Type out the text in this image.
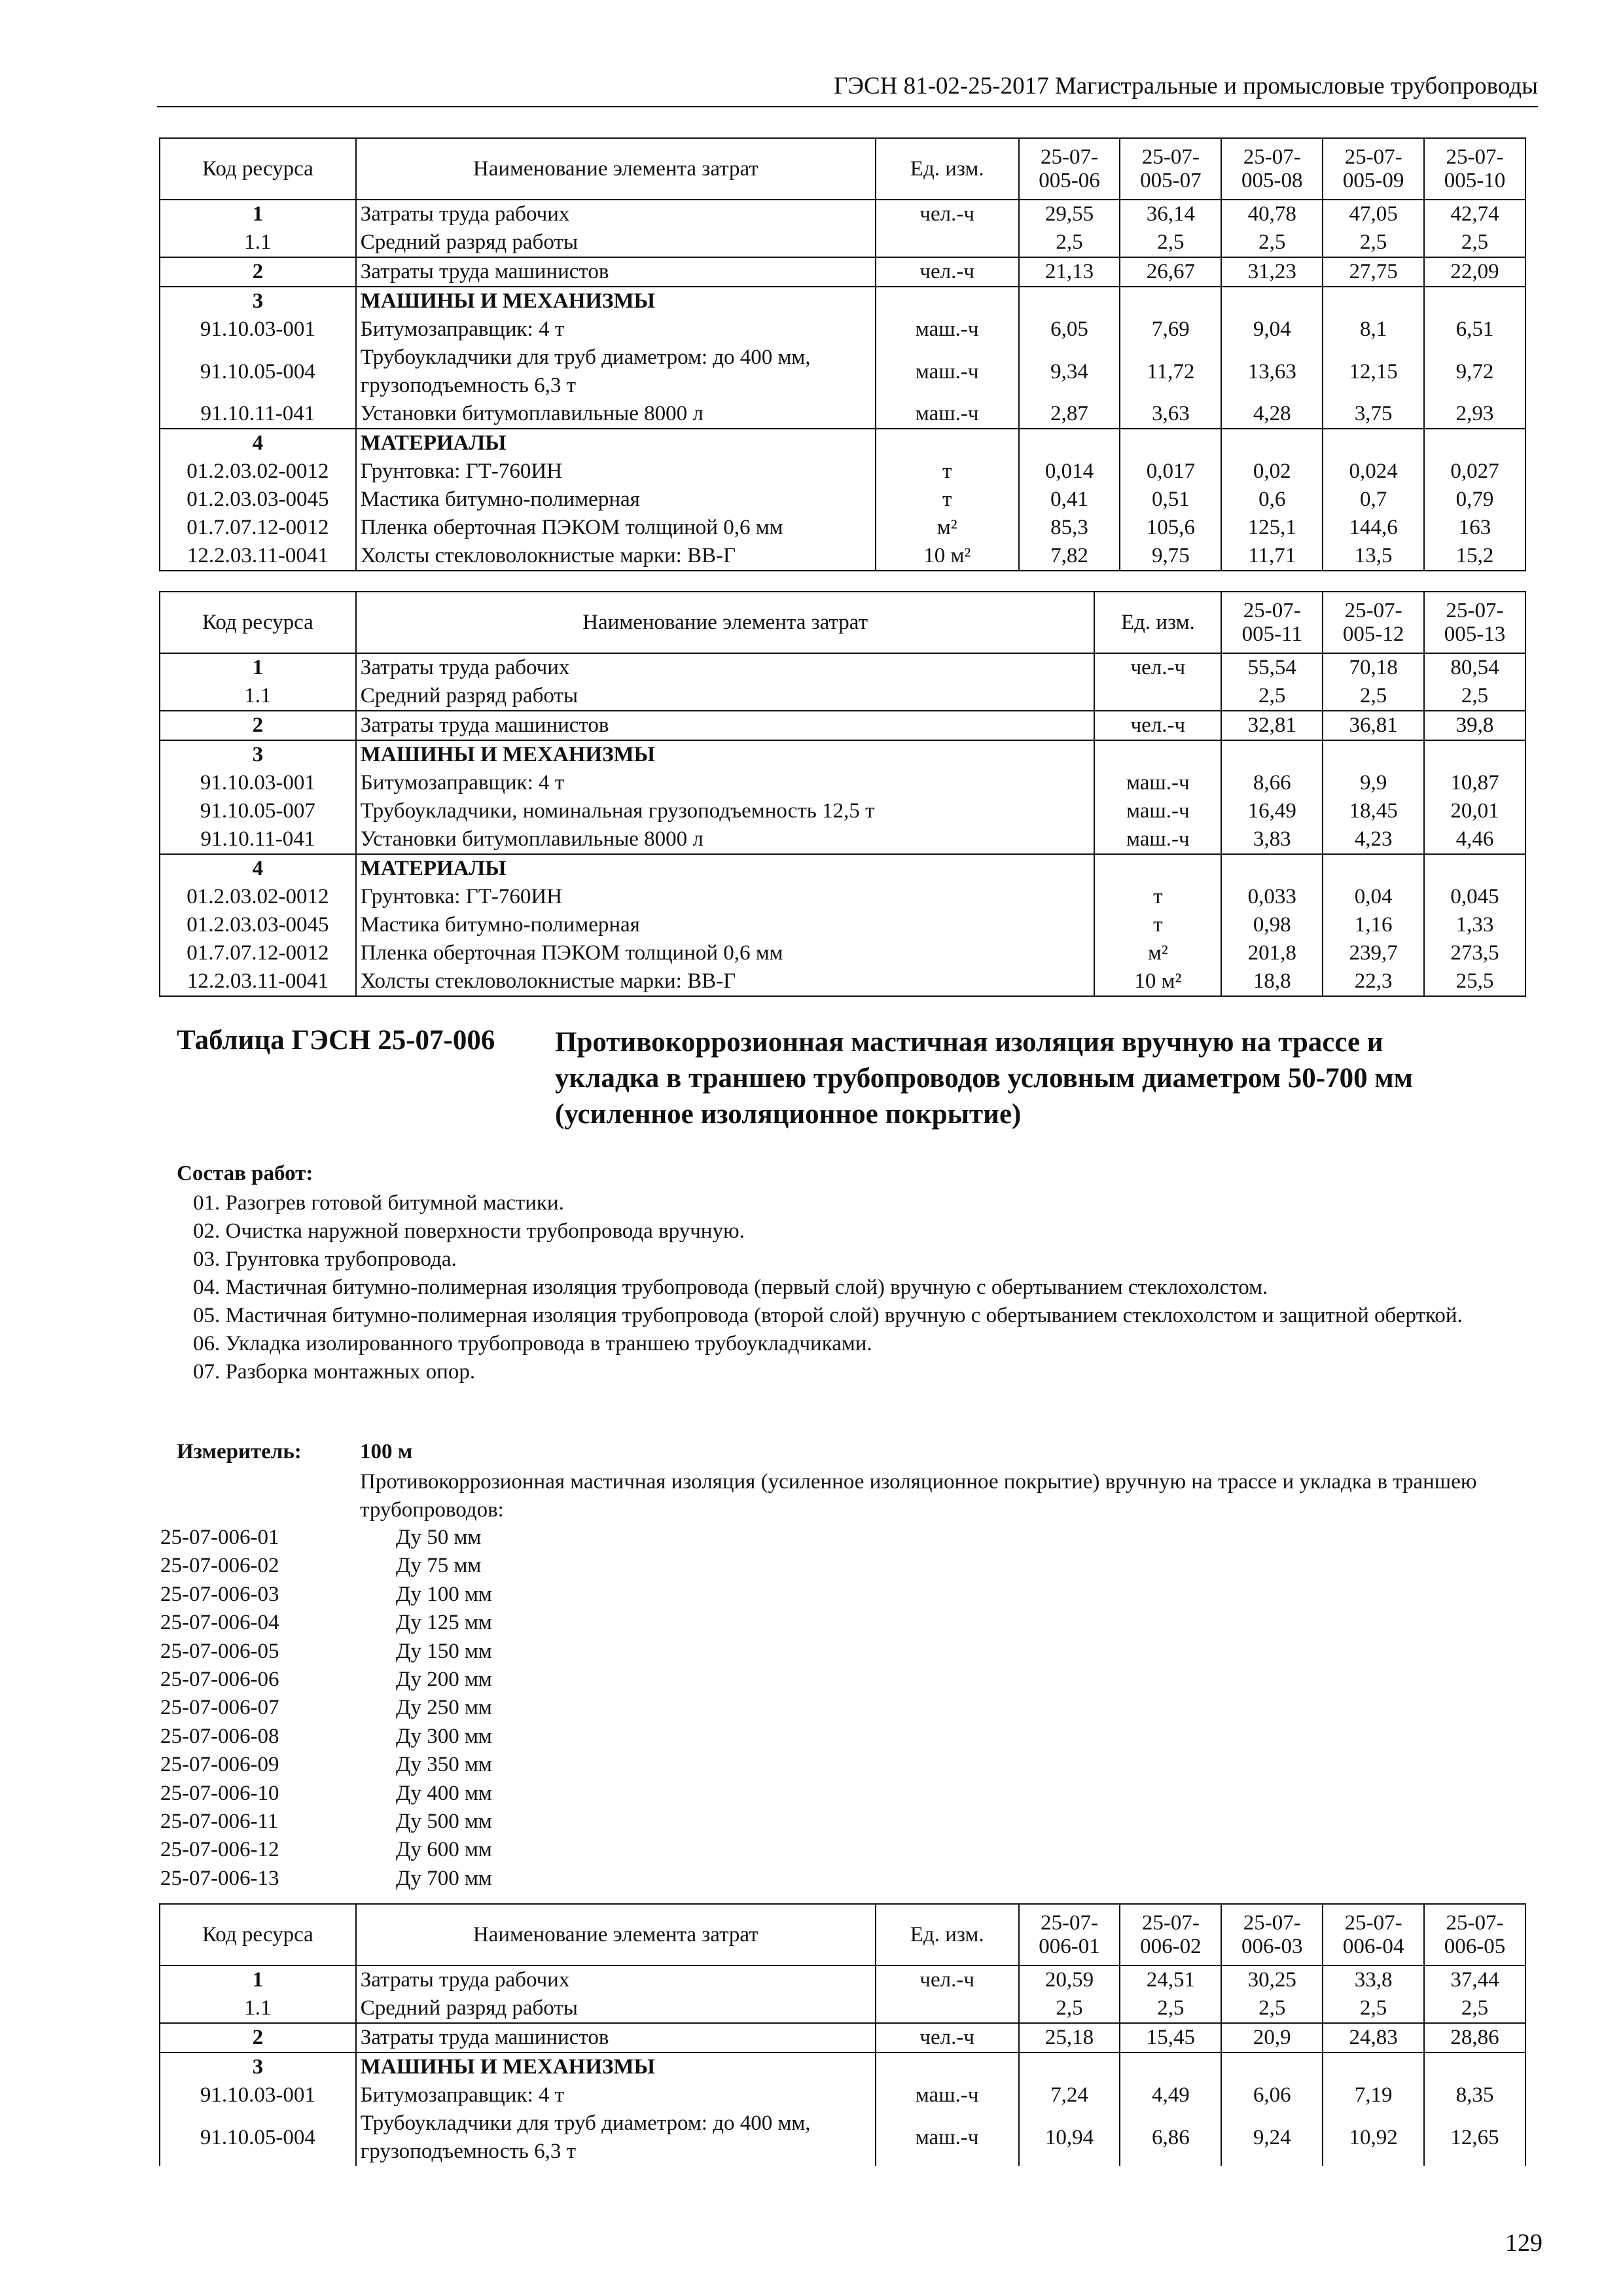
ГЭСН 81-02-25-2017 Магистральные и промысловые трубопроводы
Код ресурса	Наименование элемента затрат	Ед. изм.	25-07-005-06	25-07-005-07	25-07-005-08	25-07-005-09	25-07-005-10
1	Затраты труда рабочих	чел.-ч	29,55	36,14	40,78	47,05	42,74
1.1	Средний разряд работы		2,5	2,5	2,5	2,5	2,5
2	Затраты труда машинистов	чел.-ч	21,13	26,67	31,23	27,75	22,09
3	МАШИНЫ И МЕХАНИЗМЫ						
91.10.03-001	Битумозаправщик: 4 т	маш.-ч	6,05	7,69	9,04	8,1	6,51
91.10.05-004	Трубоукладчики для труб диаметром: до 400 мм, грузоподъемность 6,3 т	маш.-ч	9,34	11,72	13,63	12,15	9,72
91.10.11-041	Установки битумоплавильные 8000 л	маш.-ч	2,87	3,63	4,28	3,75	2,93
4	МАТЕРИАЛЫ						
01.2.03.02-0012	Грунтовка: ГТ-760ИН	т	0,014	0,017	0,02	0,024	0,027
01.2.03.03-0045	Мастика битумно-полимерная	т	0,41	0,51	0,6	0,7	0,79
01.7.07.12-0012	Пленка оберточная ПЭКОМ толщиной 0,6 мм	м²	85,3	105,6	125,1	144,6	163
12.2.03.11-0041	Холсты стекловолокнистые марки: ВВ-Г	10 м²	7,82	9,75	11,71	13,5	15,2
Код ресурса	Наименование элемента затрат	Ед. изм.	25-07-005-11	25-07-005-12	25-07-005-13
1	Затраты труда рабочих	чел.-ч	55,54	70,18	80,54
1.1	Средний разряд работы		2,5	2,5	2,5
2	Затраты труда машинистов	чел.-ч	32,81	36,81	39,8
3	МАШИНЫ И МЕХАНИЗМЫ				
91.10.03-001	Битумозаправщик: 4 т	маш.-ч	8,66	9,9	10,87
91.10.05-007	Трубоукладчики, номинальная грузоподъемность 12,5 т	маш.-ч	16,49	18,45	20,01
91.10.11-041	Установки битумоплавильные 8000 л	маш.-ч	3,83	4,23	4,46
4	МАТЕРИАЛЫ				
01.2.03.02-0012	Грунтовка: ГТ-760ИН	т	0,033	0,04	0,045
01.2.03.03-0045	Мастика битумно-полимерная	т	0,98	1,16	1,33
01.7.07.12-0012	Пленка оберточная ПЭКОМ толщиной 0,6 мм	м²	201,8	239,7	273,5
12.2.03.11-0041	Холсты стекловолокнистые марки: ВВ-Г	10 м²	18,8	22,3	25,5
Таблица ГЭСН 25-07-006 Противокоррозионная мастичная изоляция вручную на трассе и укладка в траншею трубопроводов условным диаметром 50-700 мм (усиленное изоляционное покрытие)
Состав работ:
01. Разогрев готовой битумной мастики.
02. Очистка наружной поверхности трубопровода вручную.
03. Грунтовка трубопровода.
04. Мастичная битумно-полимерная изоляция трубопровода (первый слой) вручную с обертыванием стеклохолстом.
05. Мастичная битумно-полимерная изоляция трубопровода (второй слой) вручную с обертыванием стеклохолстом и защитной оберткой.
06. Укладка изолированного трубопровода в траншею трубоукладчиками.
07. Разборка монтажных опор.
Измеритель:	100 м
Противокоррозионная мастичная изоляция (усиленное изоляционное покрытие) вручную на трассе и укладка в траншею трубопроводов:
25-07-006-01	Ду 50 мм
25-07-006-02	Ду 75 мм
25-07-006-03	Ду 100 мм
25-07-006-04	Ду 125 мм
25-07-006-05	Ду 150 мм
25-07-006-06	Ду 200 мм
25-07-006-07	Ду 250 мм
25-07-006-08	Ду 300 мм
25-07-006-09	Ду 350 мм
25-07-006-10	Ду 400 мм
25-07-006-11	Ду 500 мм
25-07-006-12	Ду 600 мм
25-07-006-13	Ду 700 мм
Код ресурса	Наименование элемента затрат	Ед. изм.	25-07-006-01	25-07-006-02	25-07-006-03	25-07-006-04	25-07-006-05
1	Затраты труда рабочих	чел.-ч	20,59	24,51	30,25	33,8	37,44
1.1	Средний разряд работы		2,5	2,5	2,5	2,5	2,5
2	Затраты труда машинистов	чел.-ч	25,18	15,45	20,9	24,83	28,86
3	МАШИНЫ И МЕХАНИЗМЫ						
91.10.03-001	Битумозаправщик: 4 т	маш.-ч	7,24	4,49	6,06	7,19	8,35
91.10.05-004	Трубоукладчики для труб диаметром: до 400 мм, грузоподъемность 6,3 т	маш.-ч	10,94	6,86	9,24	10,92	12,65
129
